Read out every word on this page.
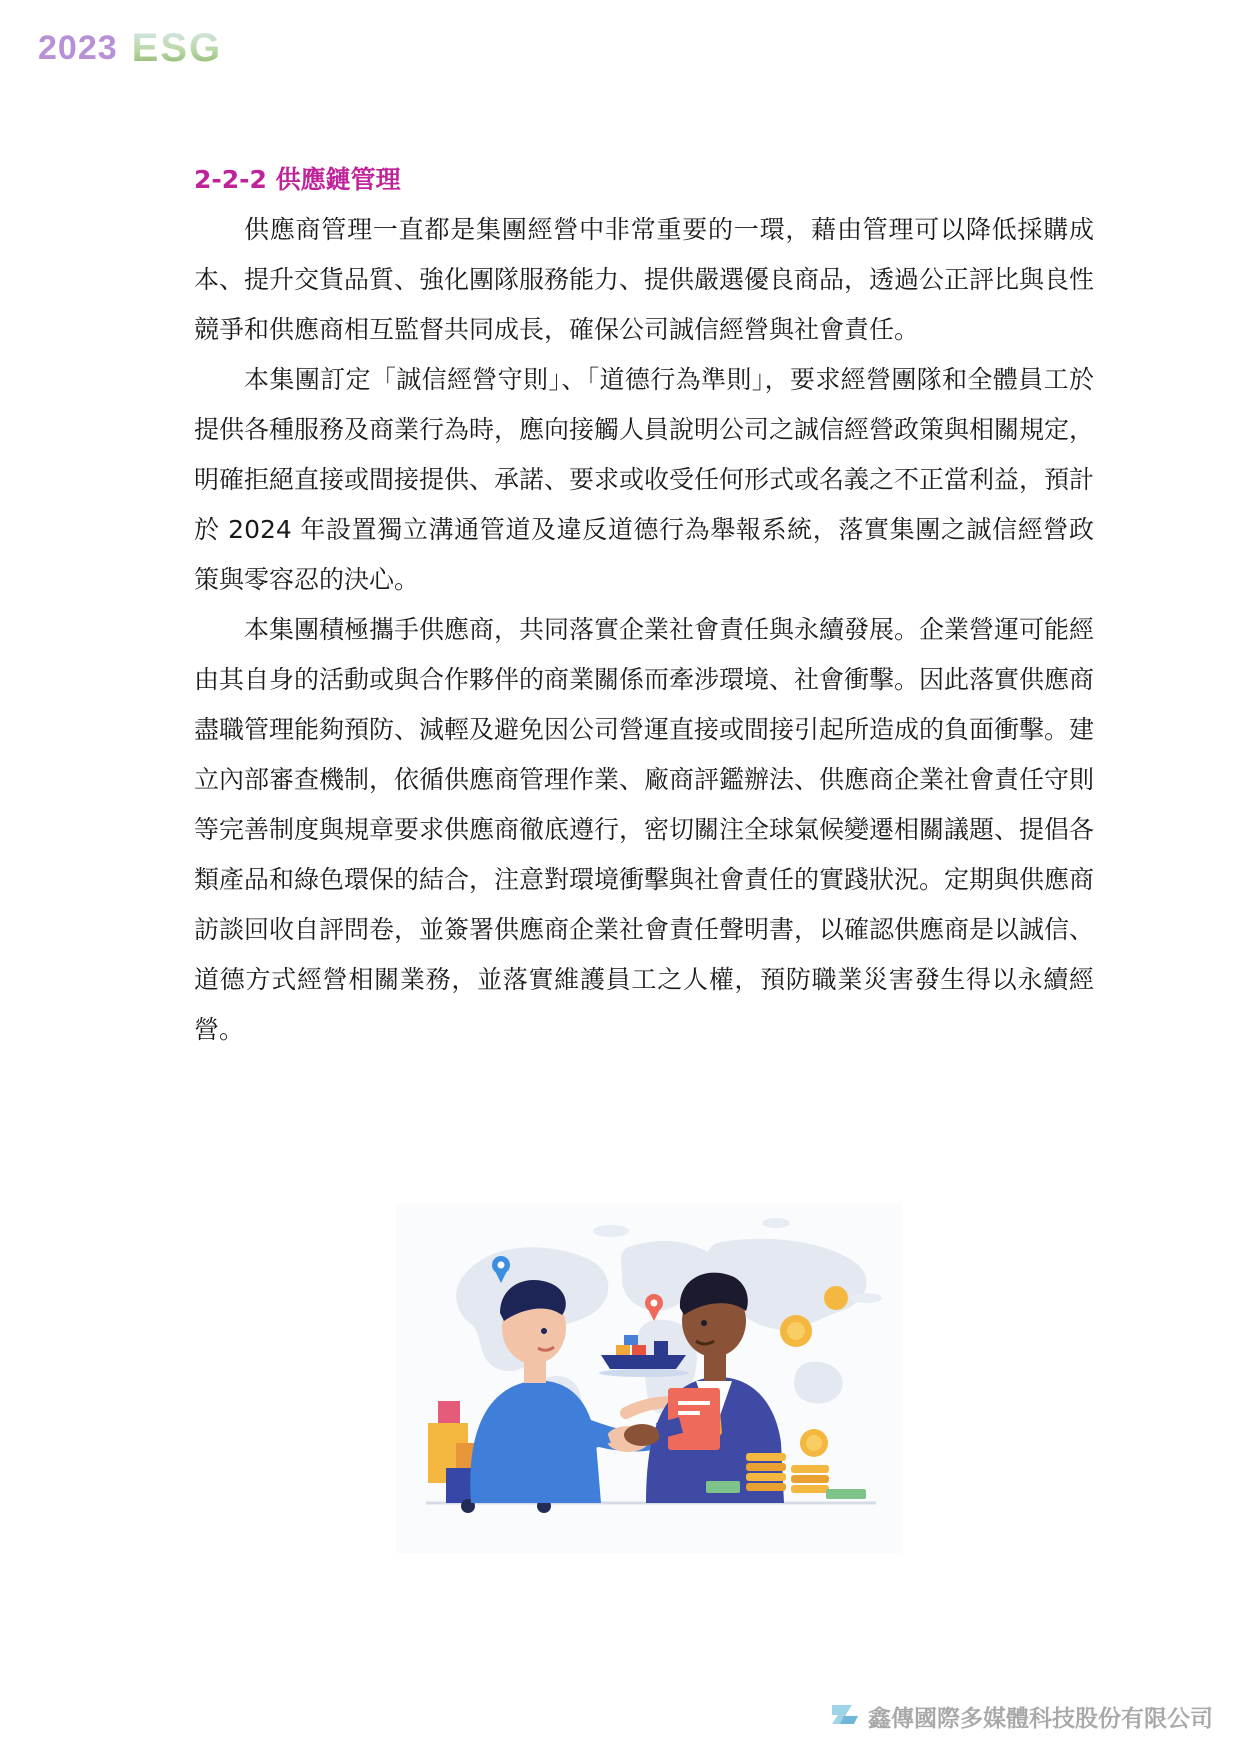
2023 ESG
2-2-2 供應鏈管理

供應商管理一直都是集團經營中非常重要的一環，藉由管理可以降低採購成本、提升交貨品質、強化團隊服務能力、提供嚴選優良商品，透過公正評比與良性競爭和供應商相互監督共同成長，確保公司誠信經營與社會責任。

本集團訂定「誠信經營守則」、「道德行為準則」，要求經營團隊和全體員工於提供各種服務及商業行為時，應向接觸人員說明公司之誠信經營政策與相關規定，明確拒絕直接或間接提供、承諾、要求或收受任何形式或名義之不正當利益，預計於 2024 年設置獨立溝通管道及違反道德行為舉報系統，落實集團之誠信經營政策與零容忍的決心。

本集團積極攜手供應商，共同落實企業社會責任與永續發展。企業營運可能經由其自身的活動或與合作夥伴的商業關係而牽涉環境、社會衝擊。因此落實供應商盡職管理能夠預防、減輕及避免因公司營運直接或間接引起所造成的負面衝擊。建立內部審查機制，依循供應商管理作業、廠商評鑑辦法、供應商企業社會責任守則等完善制度與規章要求供應商徹底遵行，密切關注全球氣候變遷相關議題、提倡各類產品和綠色環保的結合，注意對環境衝擊與社會責任的實踐狀況。定期與供應商訪談回收自評問卷，並簽署供應商企業社會責任聲明書，以確認供應商是以誠信、道德方式經營相關業務，並落實維護員工之人權，預防職業災害發生得以永續經營。

鑫傳國際多媒體科技股份有限公司
